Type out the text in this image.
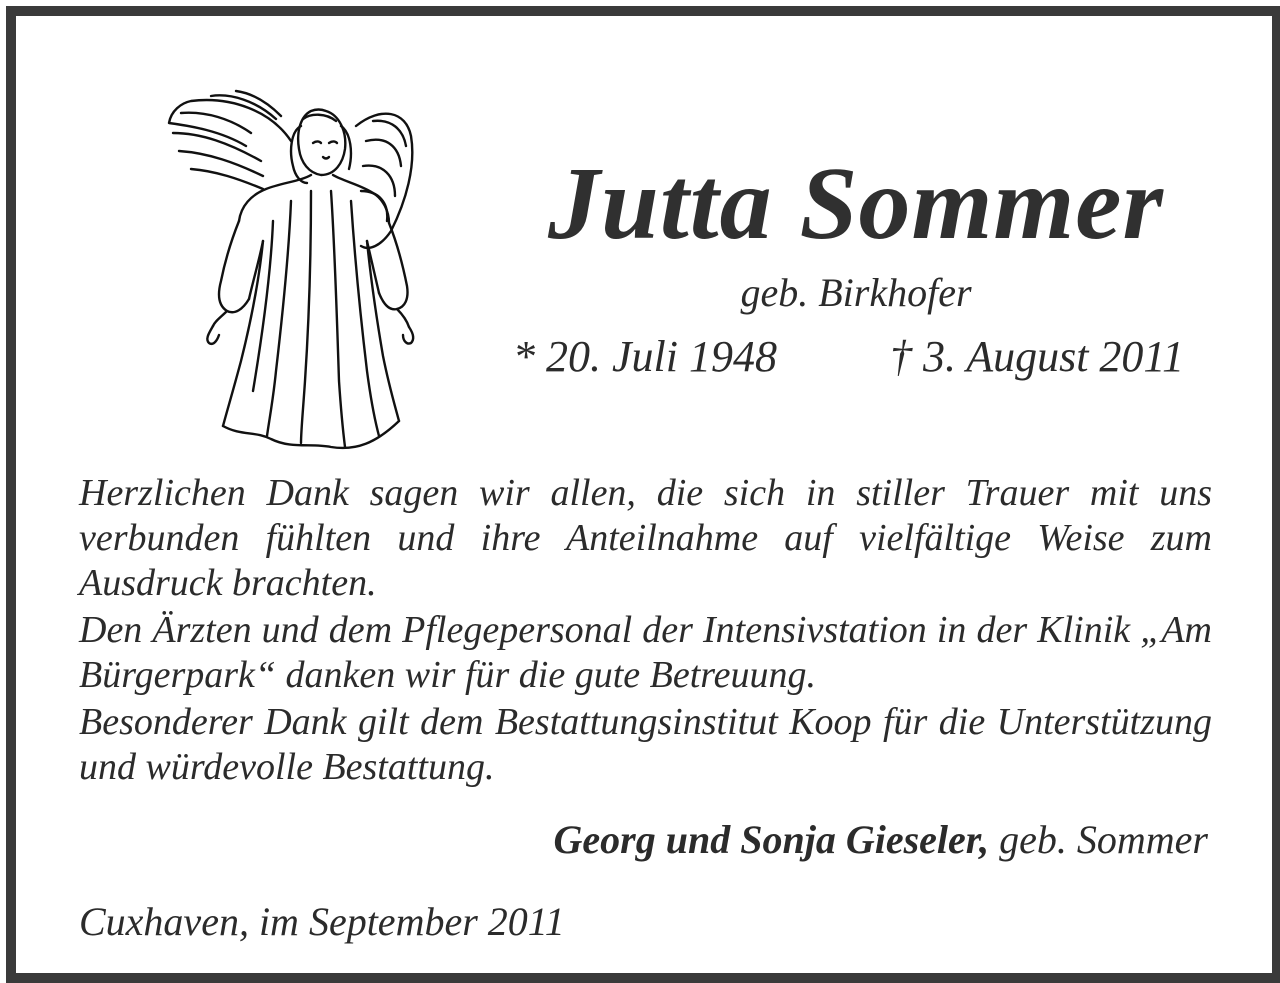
Jutta Sommer
geb. Birkhofer
* 20. Juli 1948	† 3. August 2011

Herzlichen Dank sagen wir allen, die sich in stiller Trauer mit uns verbunden fühlten und ihre Anteilnahme auf vielfältige Weise zum Ausdruck brachten.

Den Ärzten und dem Pflegepersonal der Intensivstation in der Klinik „Am Bürgerpark“ danken wir für die gute Betreuung.

Besonderer Dank gilt dem Bestattungsinstitut Koop für die Unterstützung und würdevolle Bestattung.

Georg und Sonja Gieseler, geb. Sommer
Cuxhaven, im September 2011
